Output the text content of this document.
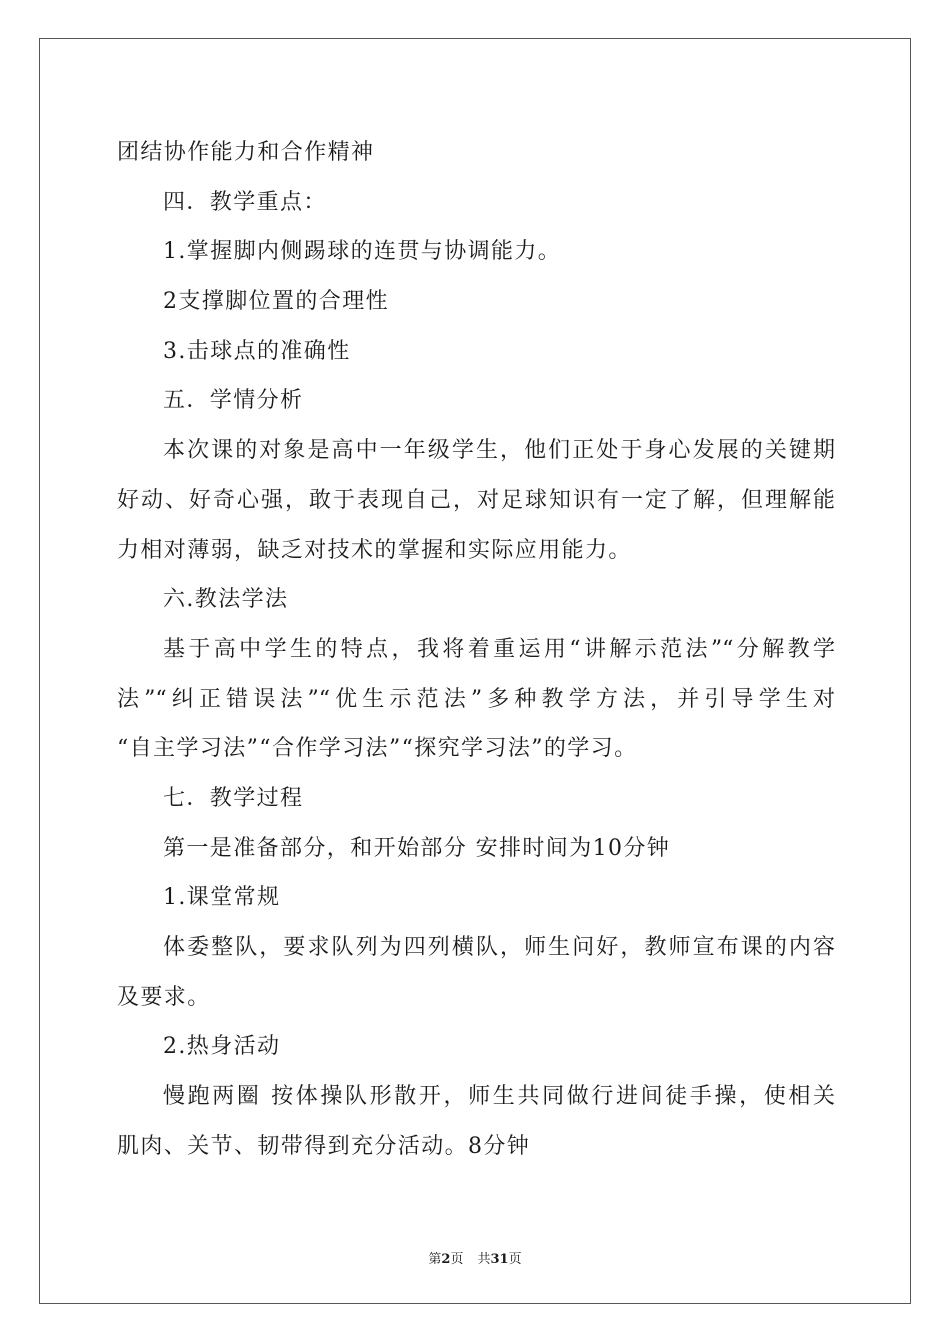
团结协作能力和合作精神
四．教学重点：
1.掌握脚内侧踢球的连贯与协调能力。
2支撑脚位置的合理性
3.击球点的准确性
五．学情分析
本次课的对象是高中一年级学生，他们正处于身心发展的关键期
好动、好奇心强，敢于表现自己，对足球知识有一定了解，但理解能
力相对薄弱，缺乏对技术的掌握和实际应用能力。
六.教法学法
基于高中学生的特点，我将着重运用“讲解示范法”“分解教学
法”“纠正错误法”“优生示范法”多种教学方法，并引导学生对
“自主学习法”“合作学习法”“探究学习法”的学习。
七．教学过程
第一是准备部分，和开始部分 安排时间为10分钟
1.课堂常规
体委整队，要求队列为四列横队，师生问好，教师宣布课的内容
及要求。
2.热身活动
慢跑两圈 按体操队形散开，师生共同做行进间徒手操，使相关
肌肉、关节、韧带得到充分活动。8分钟
第2页 共31页
